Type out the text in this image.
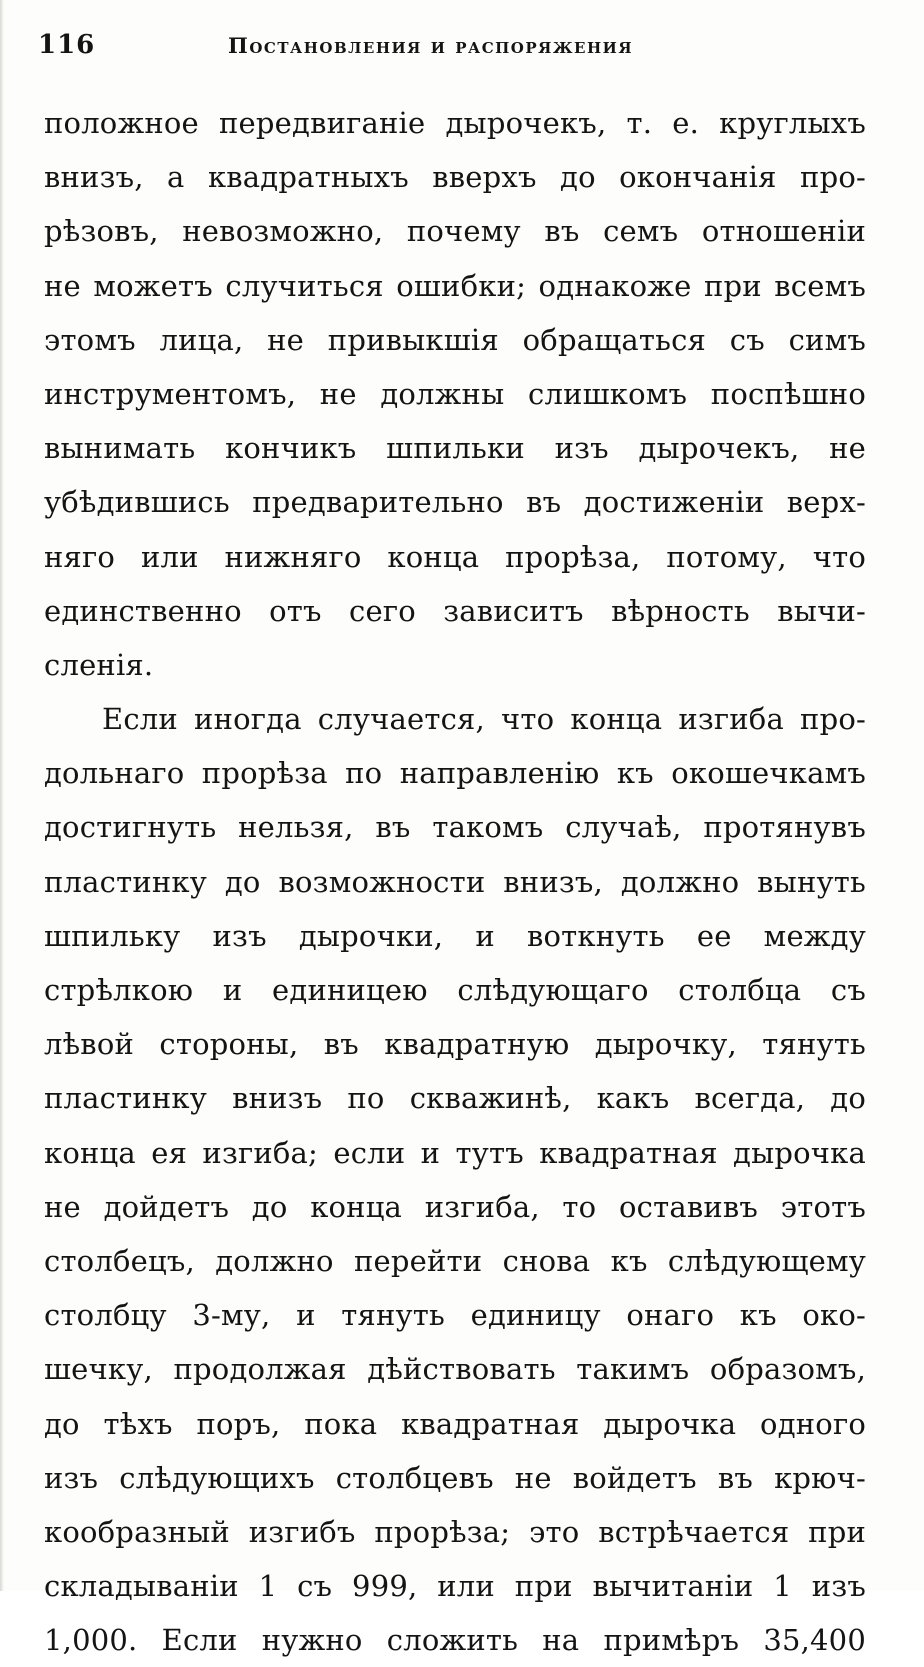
116	Постановления и распоряжения
положное передвиганіе дырочекъ, т. е. круглыхъ
внизъ, а квадратныхъ вверхъ до окончанія про-
рѣзовъ, невозможно, почему въ семъ отношеніи
не можетъ случиться ошибки; однакоже при всемъ
этомъ лица, не привыкшія обращаться съ симъ
инструментомъ, не должны слишкомъ поспѣшно
вынимать кончикъ шпильки изъ дырочекъ, не
убѣдившись предварительно въ достиженіи верх-
няго или нижняго конца прорѣза, потому, что
единственно отъ сего зависитъ вѣрность вычи-
сленія.
Если иногда случается, что конца изгиба про-
дольнаго прорѣза по направленію къ окошечкамъ
достигнуть нельзя, въ такомъ случаѣ, протянувъ
пластинку до возможности внизъ, должно вынуть
шпильку изъ дырочки, и воткнуть ее между
стрѣлкою и единицею слѣдующаго столбца съ
лѣвой стороны, въ квадратную дырочку, тянуть
пластинку внизъ по скважинѣ, какъ всегда, до
конца ея изгиба; если и тутъ квадратная дырочка
не дойдетъ до конца изгиба, то оставивъ этотъ
столбецъ, должно перейти снова къ слѣдующему
столбцу 3-му, и тянуть единицу онаго къ око-
шечку, продолжая дѣйствовать такимъ образомъ,
до тѣхъ поръ, пока квадратная дырочка одного
изъ слѣдующихъ столбцевъ не войдетъ въ крюч-
кообразный изгибъ прорѣза; это встрѣчается при
складываніи 1 съ 999, или при вычитаніи 1 изъ
1,000. Если нужно сложить на примѣръ 35,400
